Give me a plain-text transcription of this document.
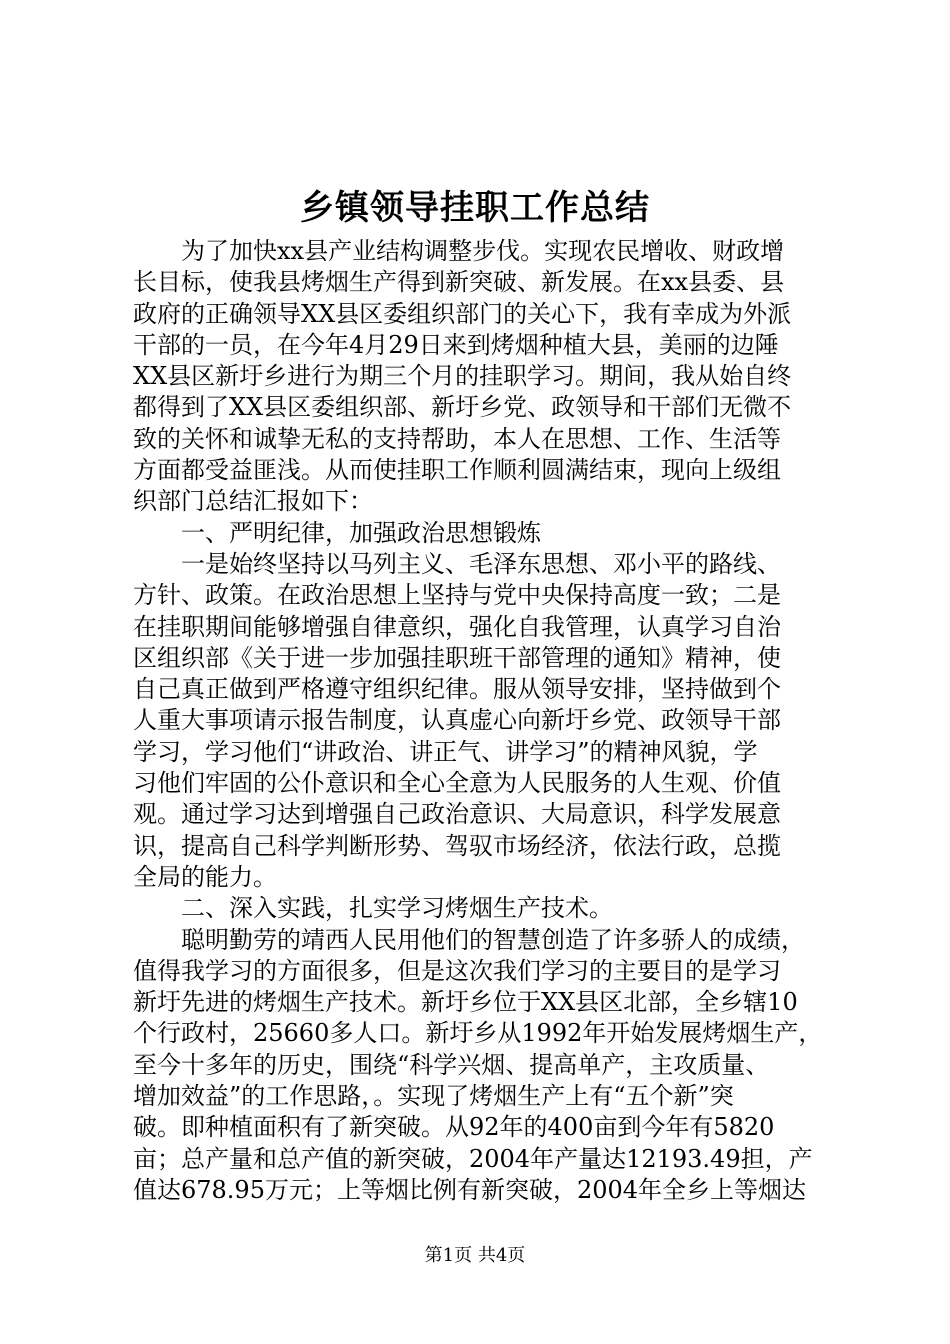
乡镇领导挂职工作总结
为了加快xx县产业结构调整步伐。实现农民增收、财政增
长目标，使我县烤烟生产得到新突破、新发展。在xx县委、县
政府的正确领导XX县区委组织部门的关心下，我有幸成为外派
干部的一员，在今年4月29日来到烤烟种植大县，美丽的边陲
XX县区新圩乡进行为期三个月的挂职学习。期间，我从始自终
都得到了XX县区委组织部、新圩乡党、政领导和干部们无微不
致的关怀和诚挚无私的支持帮助，本人在思想、工作、生活等
方面都受益匪浅。从而使挂职工作顺利圆满结束，现向上级组
织部门总结汇报如下：
一、严明纪律，加强政治思想锻炼
一是始终坚持以马列主义、毛泽东思想、邓小平的路线、
方针、政策。在政治思想上坚持与党中央保持高度一致；二是
在挂职期间能够增强自律意织，强化自我管理，认真学习自治
区组织部《关于进一步加强挂职班干部管理的通知》精神，使
自己真正做到严格遵守组织纪律。服从领导安排，坚持做到个
人重大事项请示报告制度，认真虚心向新圩乡党、政领导干部
学习，学习他们“讲政治、讲正气、讲学习”的精神风貌，学
习他们牢固的公仆意识和全心全意为人民服务的人生观、价值
观。通过学习达到增强自己政治意识、大局意识，科学发展意
识，提高自己科学判断形势、驾驭市场经济，依法行政，总揽
全局的能力。
二、深入实践，扎实学习烤烟生产技术。
聪明勤劳的靖西人民用他们的智慧创造了许多骄人的成绩，
值得我学习的方面很多，但是这次我们学习的主要目的是学习
新圩先进的烤烟生产技术。新圩乡位于XX县区北部，全乡辖10
个行政村，25660多人口。新圩乡从1992年开始发展烤烟生产，
至今十多年的历史，围绕“科学兴烟、提高单产，主攻质量、
增加效益”的工作思路，。实现了烤烟生产上有“五个新”突
破。即种植面积有了新突破。从92年的400亩到今年有5820
亩；总产量和总产值的新突破，2004年产量达12193.49担，产
值达678.95万元；上等烟比例有新突破，2004年全乡上等烟达
第1页 共4页
